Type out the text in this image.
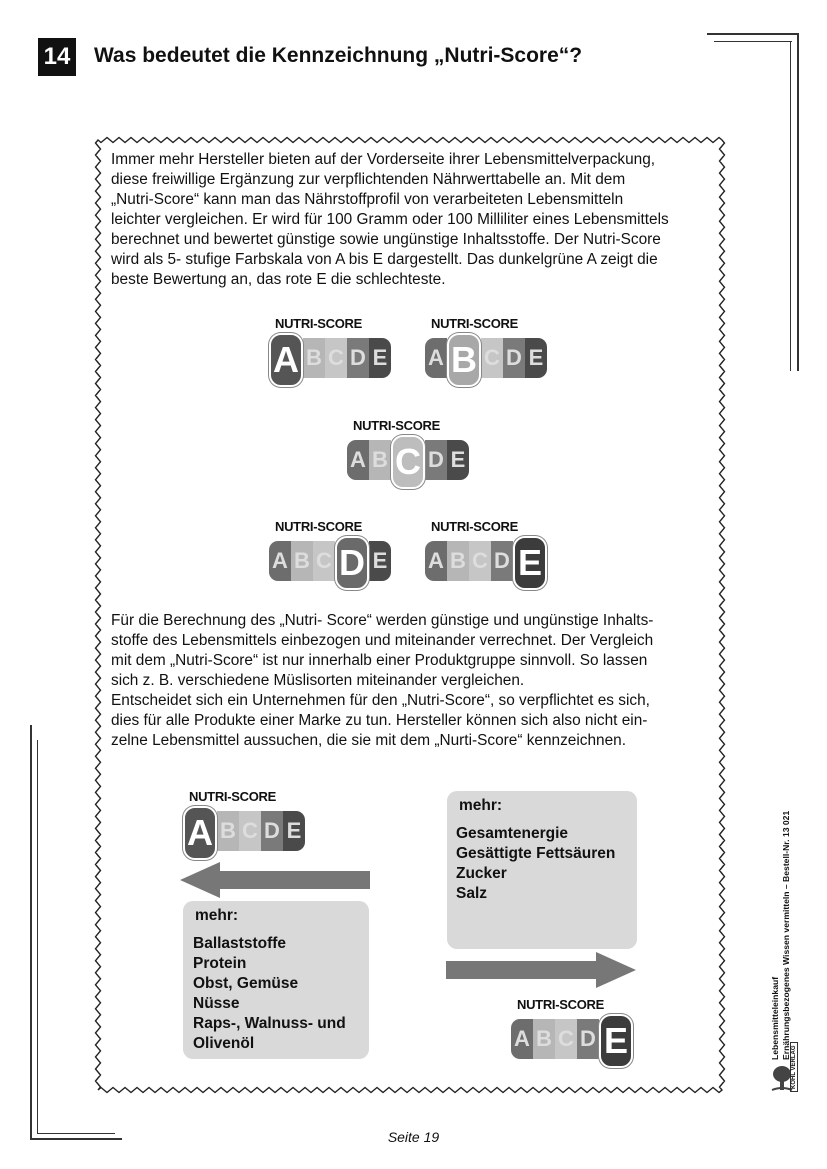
14 Was bedeutet die Kennzeichnung „Nutri-Score“?
Immer mehr Hersteller bieten auf der Vorderseite ihrer Lebensmittelverpackung,
diese freiwillige Ergänzung zur verpflichtenden Nährwerttabelle an. Mit dem
„Nutri-Score“ kann man das Nährstoffprofil von verarbeiteten Lebensmitteln
leichter vergleichen. Er wird für 100 Gramm oder 100 Milliliter eines Lebensmittels
berechnet und bewertet günstige sowie ungünstige Inhaltsstoffe. Der Nutri-Score
wird als 5- stufige Farbskala von A bis E dargestellt. Das dunkelgrüne A zeigt die
beste Bewertung an, das rote E die schlechteste.
Für die Berechnung des „Nutri- Score“ werden günstige und ungünstige Inhalts-
stoffe des Lebensmittels einbezogen und miteinander verrechnet. Der Vergleich
mit dem „Nutri-Score“ ist nur innerhalb einer Produktgruppe sinnvoll. So lassen
sich z. B. verschiedene Müslisorten miteinander vergleichen.
Entscheidet sich ein Unternehmen für den „Nutri-Score“, so verpflichtet es sich,
dies für alle Produkte einer Marke zu tun. Hersteller können sich also nicht ein-
zelne Lebensmittel aussuchen, die sie mit dem „Nurti-Score“ kennzeichnen.
mehr:
Ballaststoffe
Protein
Obst, Gemüse
Nüsse
Raps-, Walnuss- und
Olivenöl
mehr:
Gesamtenergie
Gesättigte Fettsäuren
Zucker
Salz
Lebensmitteleinkauf Ernährungsbezogenes Wissen vermitteln – Bestell-Nr. 13 021
KOHL VERLAG
Seite 19
NUTRI-SCORE
A B C D E
NUTRI-SCORE
A B C D E
NUTRI-SCORE
A B C D E
NUTRI-SCORE
A B C D E
NUTRI-SCORE
A B C D E
NUTRI-SCORE
A B C D E
NUTRI-SCORE
A B C D E
